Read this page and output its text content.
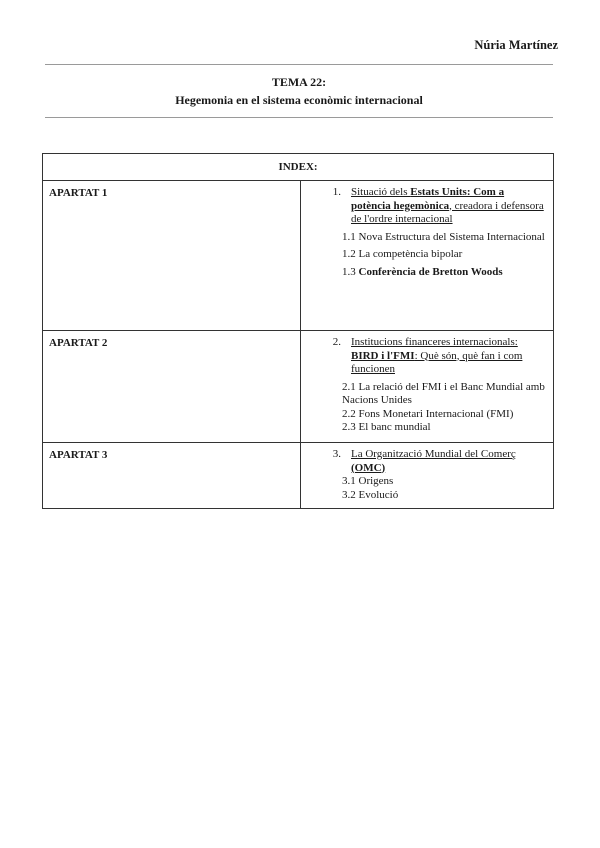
Núria Martínez
TEMA 22:
Hegemonia en el sistema econòmic internacional
INDEX:	
APARTAT 1	1. Situació dels Estats Units: Com a potència hegemònica, creadora i defensora de l'ordre internacional
1.1 Nova Estructura del Sistema Internacional
1.2 La competència bipolar
1.3 Conferència de Bretton Woods

APARTAT 2	2. Institucions financeres internacionals: BIRD i l'FMI: Què són, què fan i com funcionen
2.1 La relació del FMI i el Banc Mundial amb Nacions Unides
2.2 Fons Monetari Internacional (FMI)
2.3 El banc mundial

APARTAT 3	3. La Organització Mundial del Comerç (OMC)
3.1 Origens
3.2 Evolució
